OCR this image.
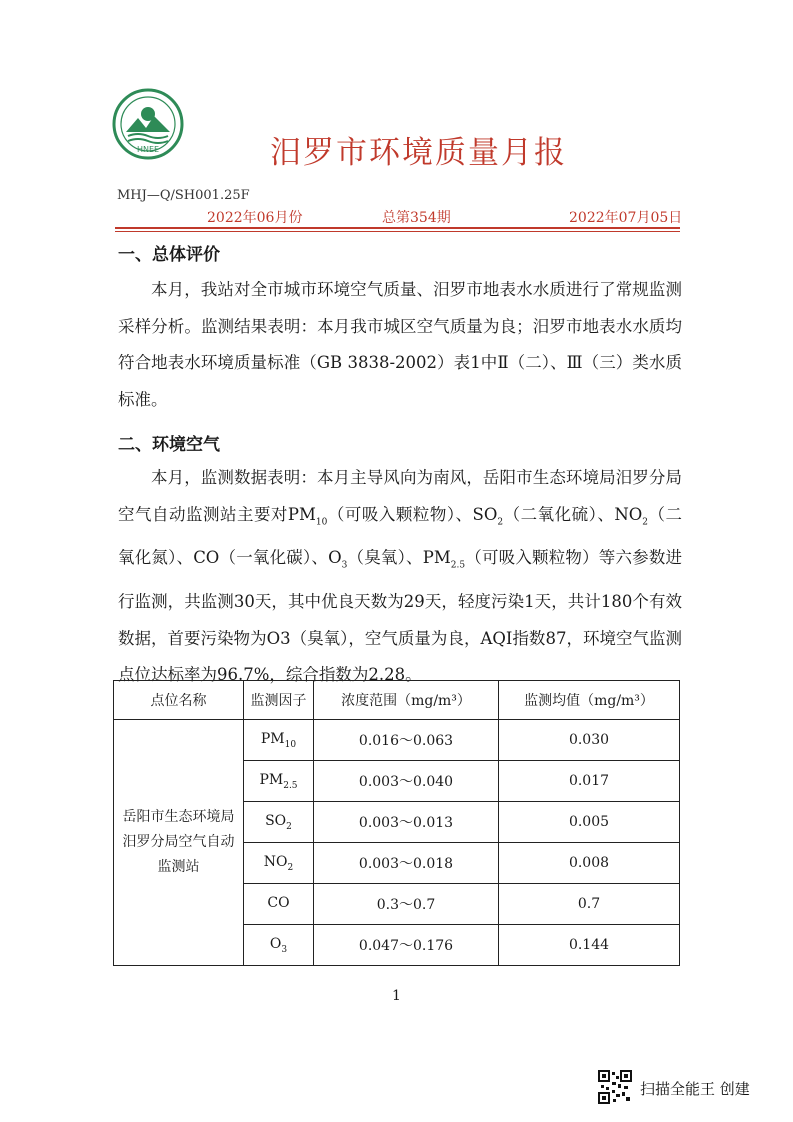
HNEE	汨罗市环境质量月报
MHJ—Q/SH001.25F
2022年06月份	总第354期	2022年07月05日
一、总体评价
本月，我站对全市城市环境空气质量、汨罗市地表水水质进行了常规监测采样分析。监测结果表明：本月我市城区空气质量为良；汨罗市地表水水质均符合地表水环境质量标准（GB 3838-2002）表1中Ⅱ（二）、Ⅲ（三）类水质标准。
二、环境空气
本月，监测数据表明：本月主导风向为南风，岳阳市生态环境局汨罗分局空气自动监测站主要对$PM_{10}$（可吸入颗粒物）、$SO_2$（二氧化硫）、$NO_2$（二氧化氮）、CO（一氧化碳）、$O_3$（臭氧）、$PM_{2.5}$（可吸入颗粒物）等六参数进行监测，共监测30天，其中优良天数为29天，轻度污染1天，共计180个有效数据，首要污染物为O3（臭氧），空气质量为良，AQI指数87，环境空气监测点位达标率为96.7%，综合指数为2.28。
点位名称	监测因子	浓度范围（mg/m³）	监测均值（mg/m³）
岳阳市生态环境局汨罗分局空气自动监测站	$PM_{10}$	0.016～0.063	0.030
	$PM_{2.5}$	0.003～0.040	0.017
	$SO_2$	0.003～0.013	0.005
	$NO_2$	0.003～0.018	0.008
	CO	0.3～0.7	0.7
	$O_3$	0.047～0.176	0.144
1
扫描全能王 创建
